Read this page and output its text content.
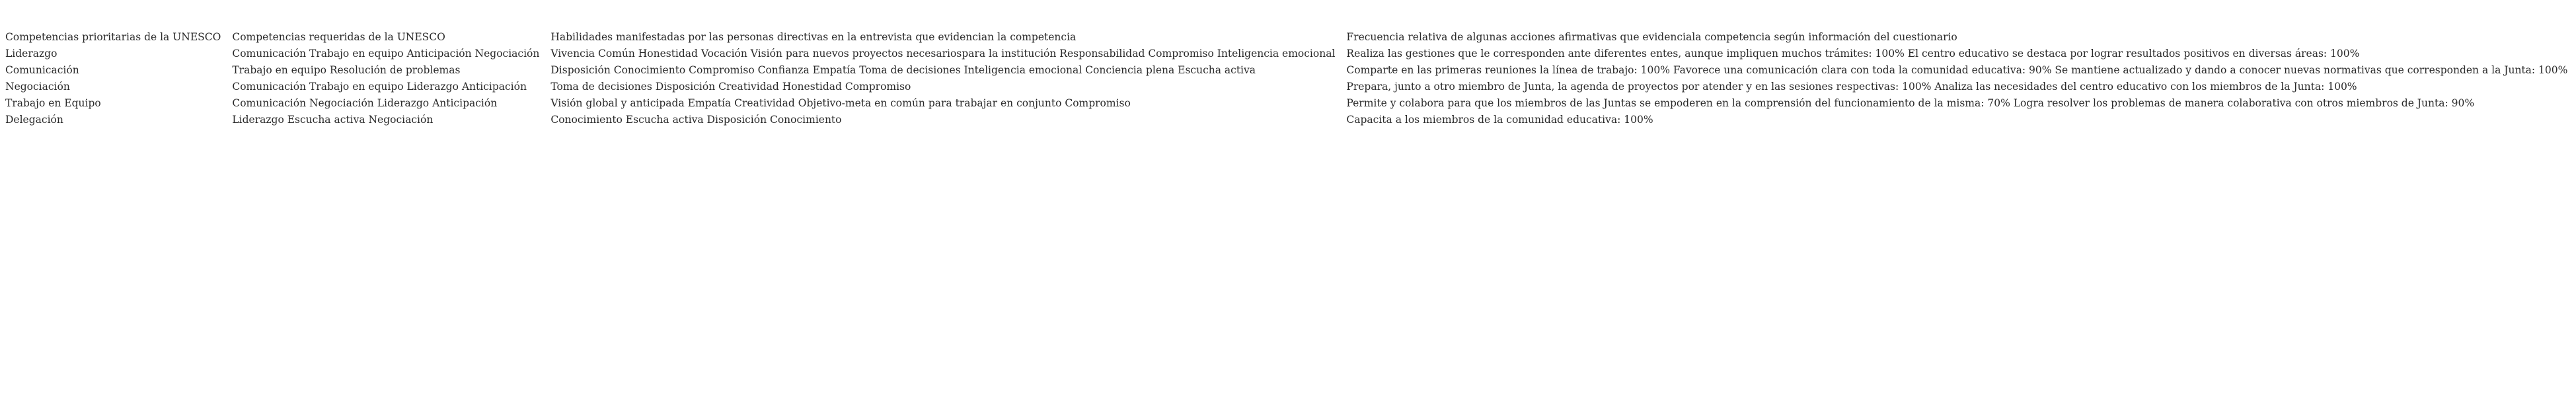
Competencias prioritarias de la UNESCO	Competencias requeridas de la UNESCO	Habilidades manifestadas por las personas directivas en la entrevista que evidencian la competencia	Frecuencia relativa de algunas acciones afirmativas que evidenciala competencia según información del cuestionario
Liderazgo	Comunicación Trabajo en equipo Anticipación Negociación	Vivencia Común Honestidad Vocación Visión para nuevos proyectos necesariospara la institución Responsabilidad Compromiso Inteligencia emocional	Realiza las gestiones que le corresponden ante diferentes entes, aunque impliquen muchos trámites: 100% El centro educativo se destaca por lograr resultados positivos en diversas áreas: 100%
Comunicación	Trabajo en equipo Resolución de problemas	Disposición Conocimiento Compromiso Confianza Empatía Toma de decisiones Inteligencia emocional Conciencia plena Escucha activa	Comparte en las primeras reuniones la línea de trabajo: 100% Favorece una comunicación clara con toda la comunidad educativa: 90% Se mantiene actualizado y dando a conocer nuevas normativas que corresponden a la Junta: 100%
Negociación	Comunicación Trabajo en equipo Liderazgo Anticipación	Toma de decisiones Disposición Creatividad Honestidad Compromiso	Prepara, junto a otro miembro de Junta, la agenda de proyectos por atender y en las sesiones respectivas: 100% Analiza las necesidades del centro educativo con los miembros de la Junta: 100%
Trabajo en Equipo	Comunicación Negociación Liderazgo Anticipación	Visión global y anticipada Empatía Creatividad Objetivo-meta en común para trabajar en conjunto Compromiso	Permite y colabora para que los miembros de las Juntas se empoderen en la comprensión del funcionamiento de la misma: 70% Logra resolver los problemas de manera colaborativa con otros miembros de Junta: 90%
Delegación	Liderazgo Escucha activa Negociación	Conocimiento Escucha activa Disposición Conocimiento	Capacita a los miembros de la comunidad educativa: 100%
